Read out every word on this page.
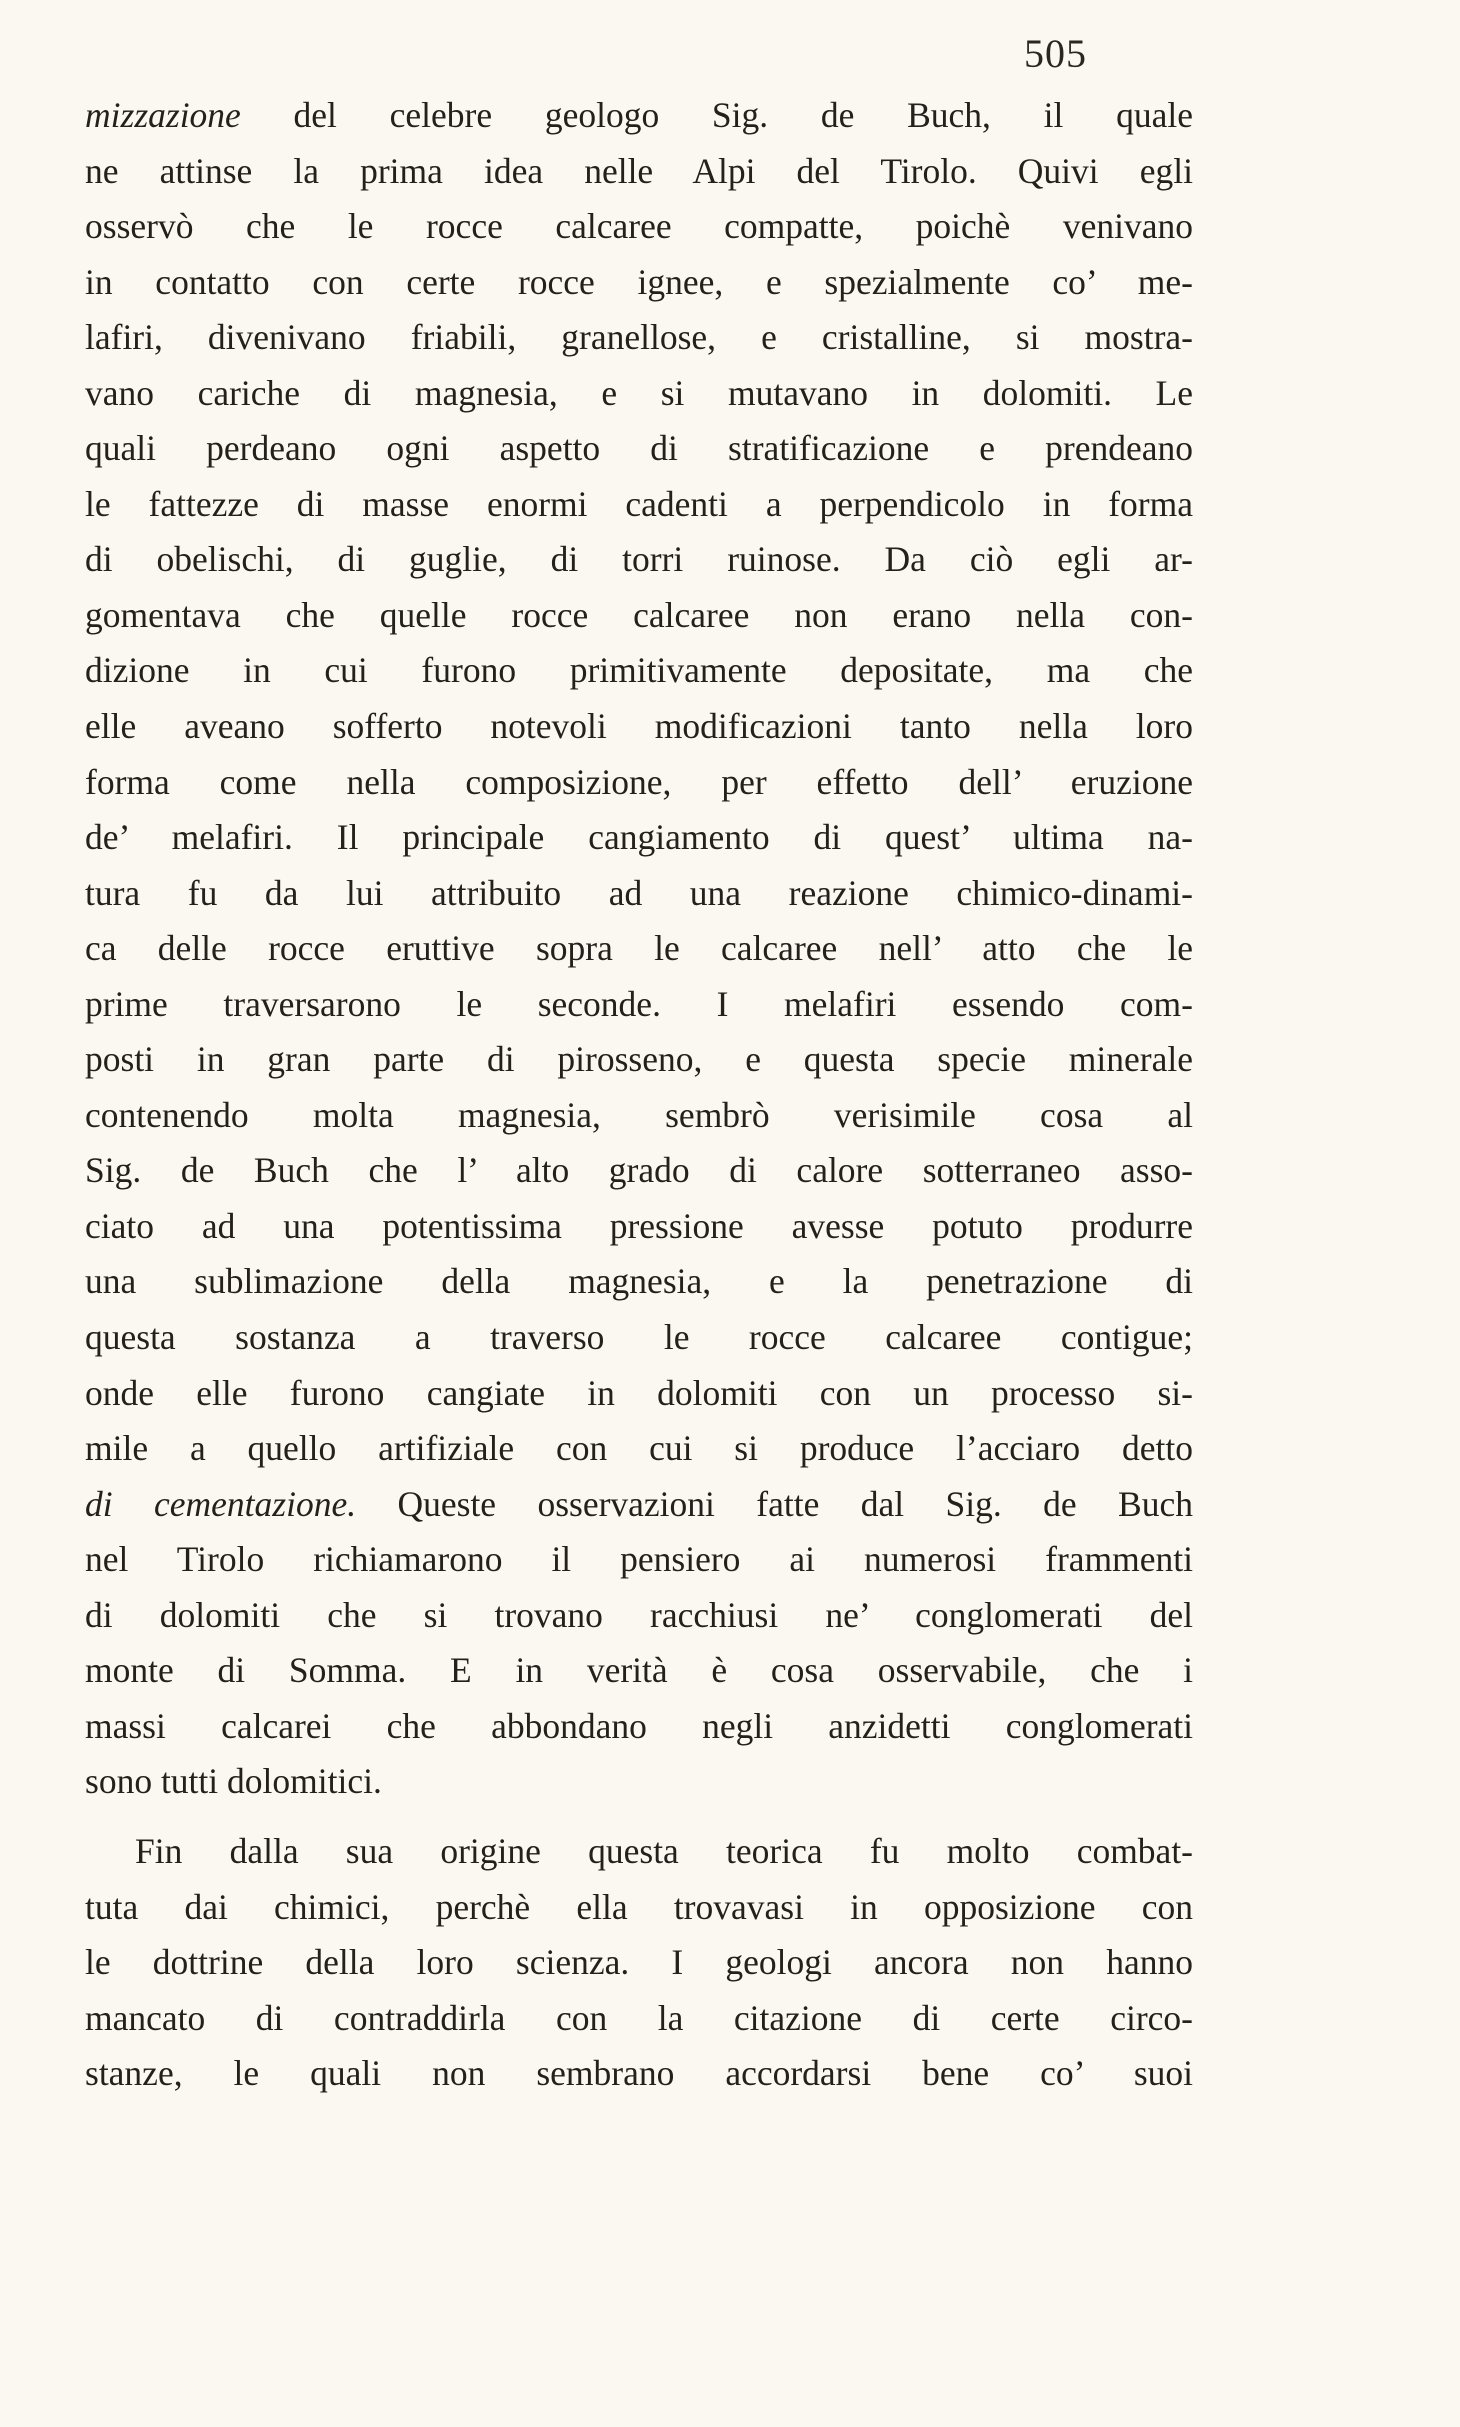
505
mizzazione del celebre geologo Sig. de Buch, il quale
ne attinse la prima idea nelle Alpi del Tirolo. Quivi egli
osservò che le rocce calcaree compatte, poichè venivano
in contatto con certe rocce ignee, e spezialmente co’ me-
lafiri, divenivano friabili, granellose, e cristalline, si mostra-
vano cariche di magnesia, e si mutavano in dolomiti. Le
quali perdeano ogni aspetto di stratificazione e prendeano
le fattezze di masse enormi cadenti a perpendicolo in forma
di obelischi, di guglie, di torri ruinose. Da ciò egli ar-
gomentava che quelle rocce calcaree non erano nella con-
dizione in cui furono primitivamente depositate, ma che
elle aveano sofferto notevoli modificazioni tanto nella loro
forma come nella composizione, per effetto dell’ eruzione
de’ melafiri. Il principale cangiamento di quest’ ultima na-
tura fu da lui attribuito ad una reazione chimico-dinami-
ca delle rocce eruttive sopra le calcaree nell’ atto che le
prime traversarono le seconde. I melafiri essendo com-
posti in gran parte di pirosseno, e questa specie minerale
contenendo molta magnesia, sembrò verisimile cosa al
Sig. de Buch che l’ alto grado di calore sotterraneo asso-
ciato ad una potentissima pressione avesse potuto produrre
una sublimazione della magnesia, e la penetrazione di
questa sostanza a traverso le rocce calcaree contigue;
onde elle furono cangiate in dolomiti con un processo si-
mile a quello artifiziale con cui si produce l’acciaro detto
di cementazione. Queste osservazioni fatte dal Sig. de Buch
nel Tirolo richiamarono il pensiero ai numerosi frammenti
di dolomiti che si trovano racchiusi ne’ conglomerati del
monte di Somma. E in verità è cosa osservabile, che i
massi calcarei che abbondano negli anzidetti conglomerati
sono tutti dolomitici.
Fin dalla sua origine questa teorica fu molto combat-
tuta dai chimici, perchè ella trovavasi in opposizione con
le dottrine della loro scienza. I geologi ancora non hanno
mancato di contraddirla con la citazione di certe circo-
stanze, le quali non sembrano accordarsi bene co’ suoi
